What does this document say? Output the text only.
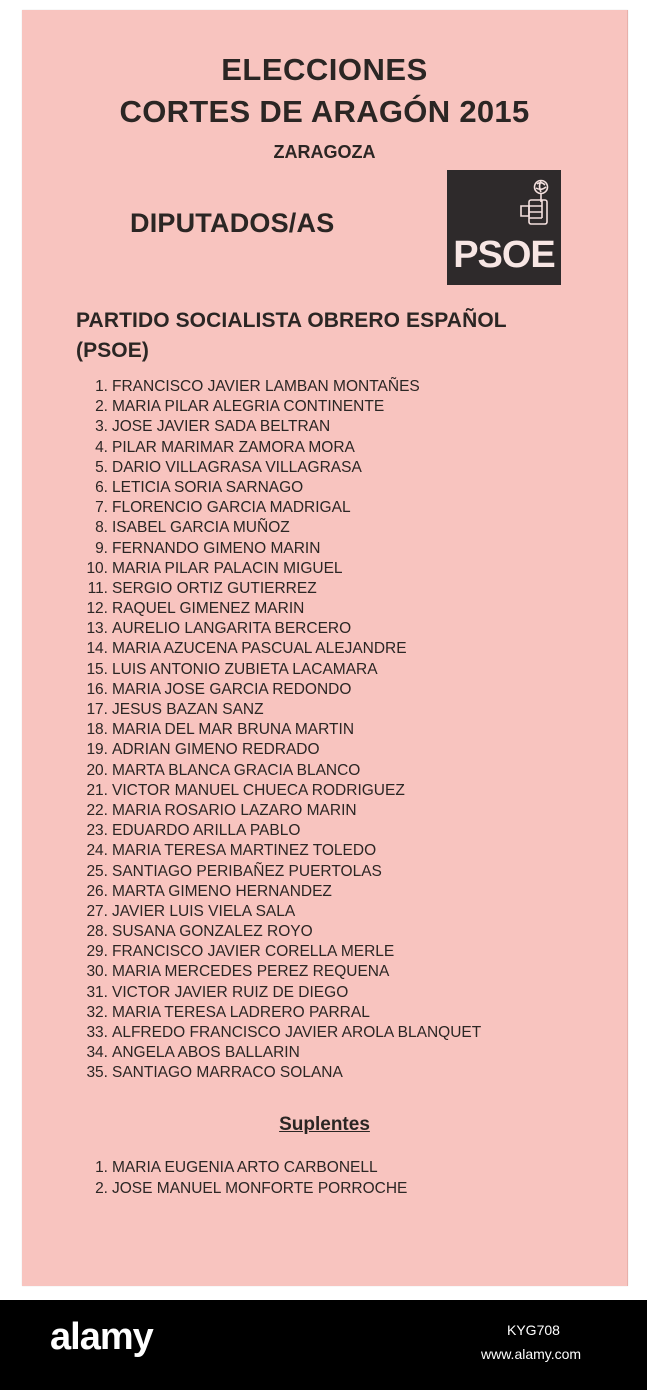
ELECCIONES
CORTES DE ARAGÓN 2015
ZARAGOZA
DIPUTADOS/AS
PSOE
PARTIDO SOCIALISTA OBRERO ESPAÑOL
(PSOE)
1. FRANCISCO JAVIER LAMBAN MONTAÑES
2. MARIA PILAR ALEGRIA CONTINENTE
3. JOSE JAVIER SADA BELTRAN
4. PILAR MARIMAR ZAMORA MORA
5. DARIO VILLAGRASA VILLAGRASA
6. LETICIA SORIA SARNAGO
7. FLORENCIO GARCIA MADRIGAL
8. ISABEL GARCIA MUÑOZ
9. FERNANDO GIMENO MARIN
10. MARIA PILAR PALACIN MIGUEL
11. SERGIO ORTIZ GUTIERREZ
12. RAQUEL GIMENEZ MARIN
13. AURELIO LANGARITA BERCERO
14. MARIA AZUCENA PASCUAL ALEJANDRE
15. LUIS ANTONIO ZUBIETA LACAMARA
16. MARIA JOSE GARCIA REDONDO
17. JESUS BAZAN SANZ
18. MARIA DEL MAR BRUNA MARTIN
19. ADRIAN GIMENO REDRADO
20. MARTA BLANCA GRACIA BLANCO
21. VICTOR MANUEL CHUECA RODRIGUEZ
22. MARIA ROSARIO LAZARO MARIN
23. EDUARDO ARILLA PABLO
24. MARIA TERESA MARTINEZ TOLEDO
25. SANTIAGO PERIBAÑEZ PUERTOLAS
26. MARTA GIMENO HERNANDEZ
27. JAVIER LUIS VIELA SALA
28. SUSANA GONZALEZ ROYO
29. FRANCISCO JAVIER CORELLA MERLE
30. MARIA MERCEDES PEREZ REQUENA
31. VICTOR JAVIER RUIZ DE DIEGO
32. MARIA TERESA LADRERO PARRAL
33. ALFREDO FRANCISCO JAVIER AROLA BLANQUET
34. ANGELA ABOS BALLARIN
35. SANTIAGO MARRACO SOLANA
Suplentes
1. MARIA EUGENIA ARTO CARBONELL
2. JOSE MANUEL MONFORTE PORROCHE
alamy	KYG708
www.alamy.com
